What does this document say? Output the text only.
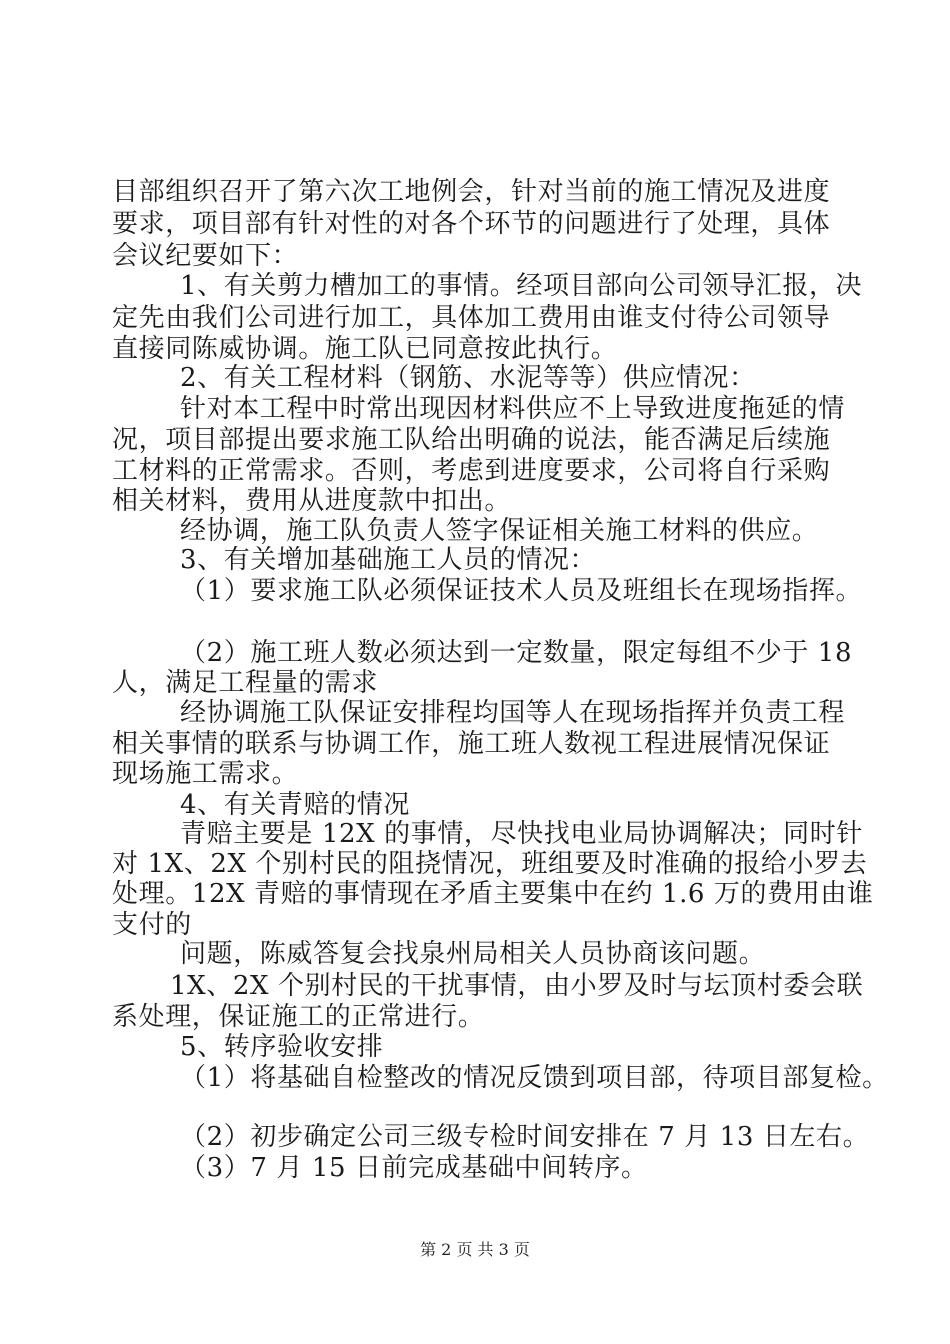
目部组织召开了第六次工地例会，针对当前的施工情况及进度
要求，项目部有针对性的对各个环节的问题进行了处理，具体
会议纪要如下：
1、有关剪力槽加工的事情。经项目部向公司领导汇报，决
定先由我们公司进行加工，具体加工费用由谁支付待公司领导
直接同陈威协调。施工队已同意按此执行。
2、有关工程材料（钢筋、水泥等等）供应情况：
针对本工程中时常出现因材料供应不上导致进度拖延的情
况，项目部提出要求施工队给出明确的说法，能否满足后续施
工材料的正常需求。否则，考虑到进度要求，公司将自行采购
相关材料，费用从进度款中扣出。
经协调，施工队负责人签字保证相关施工材料的供应。
3、有关增加基础施工人员的情况：
（1）要求施工队必须保证技术人员及班组长在现场指挥。
（2）施工班人数必须达到一定数量，限定每组不少于 18
人，满足工程量的需求
经协调施工队保证安排程均国等人在现场指挥并负责工程
相关事情的联系与协调工作，施工班人数视工程进展情况保证
现场施工需求。
4、有关青赔的情况
青赔主要是 12X 的事情，尽快找电业局协调解决；同时针
对 1X、2X 个别村民的阻挠情况，班组要及时准确的报给小罗去
处理。12X 青赔的事情现在矛盾主要集中在约 1.6 万的费用由谁
支付的
问题，陈威答复会找泉州局相关人员协商该问题。
1X、2X 个别村民的干扰事情，由小罗及时与坛顶村委会联
系处理，保证施工的正常进行。
5、转序验收安排
（1）将基础自检整改的情况反馈到项目部，待项目部复检。
（2）初步确定公司三级专检时间安排在 7 月 13 日左右。
（3）7 月 15 日前完成基础中间转序。
第 2 页 共 3 页
